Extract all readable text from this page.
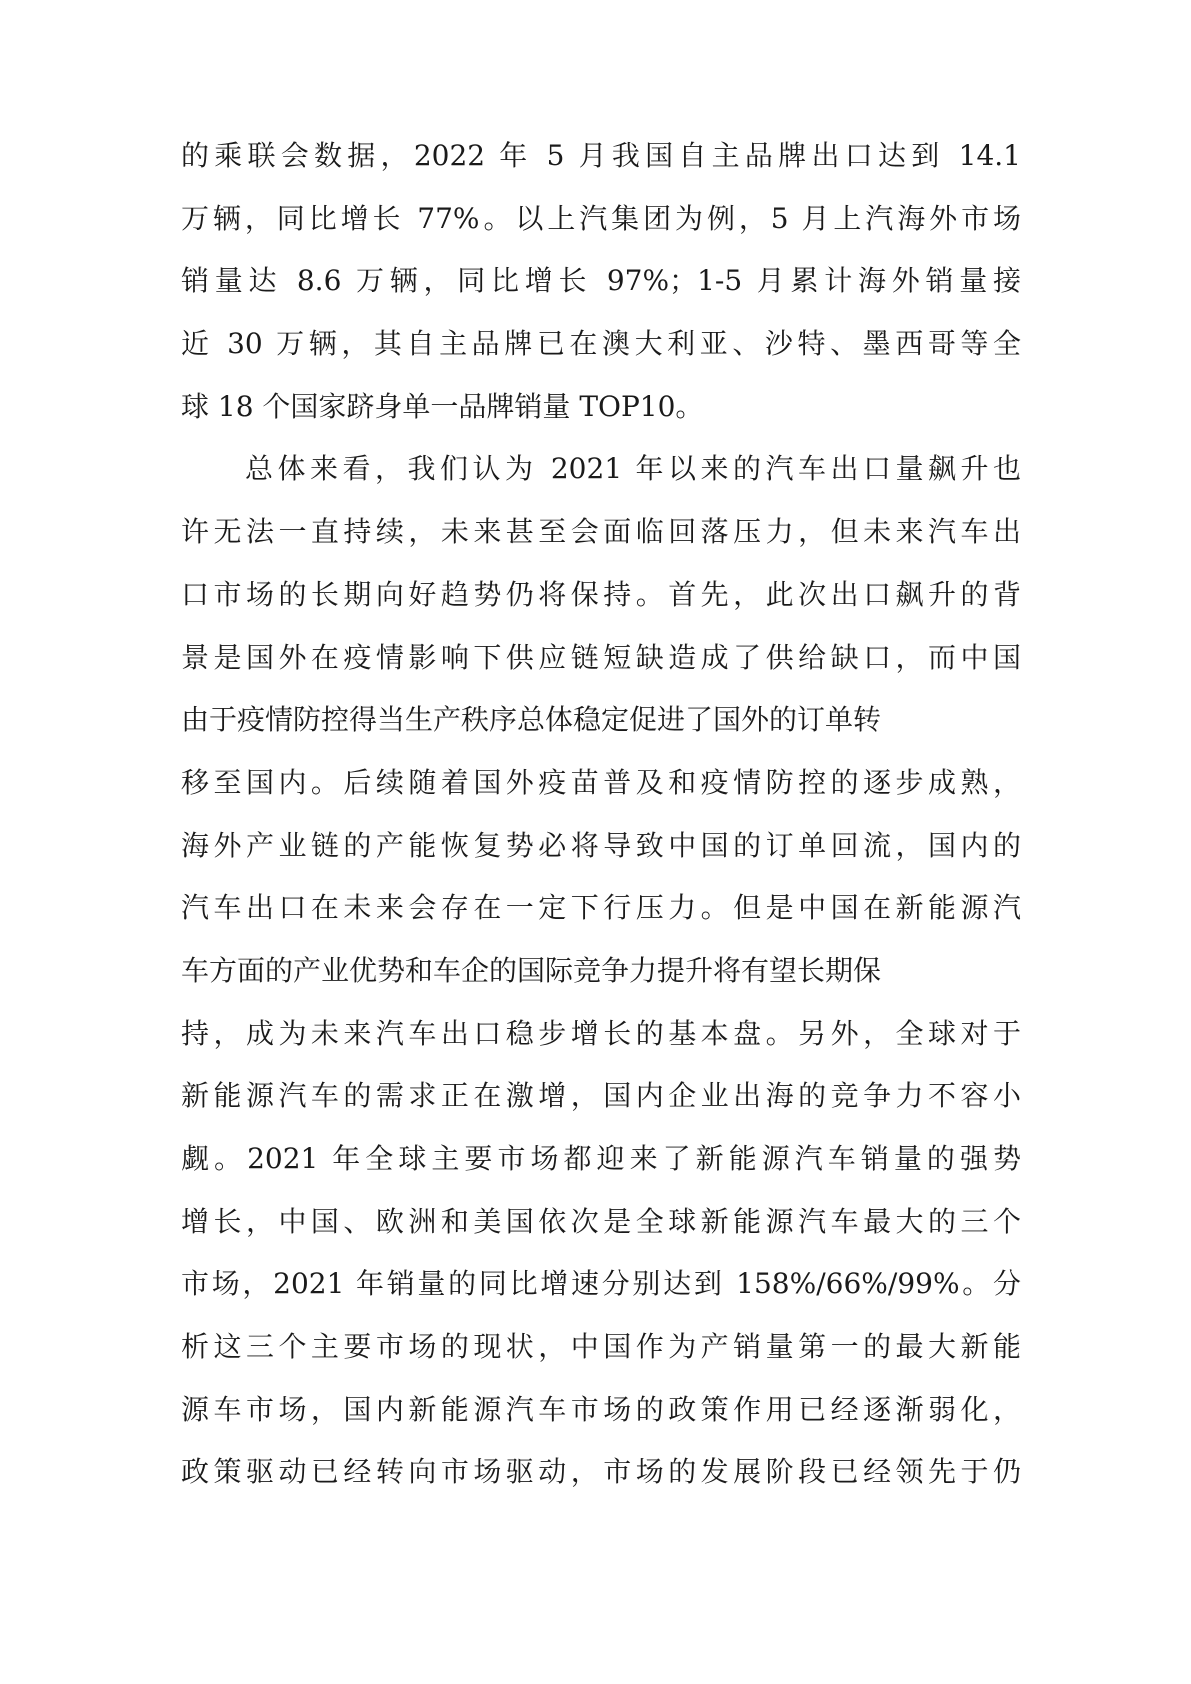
的乘联会数据，2022 年 5 月我国自主品牌出口达到 14.1
万辆，同比增长 77%。以上汽集团为例，5 月上汽海外市场
销量达 8.6 万辆，同比增长 97%；1-5 月累计海外销量接
近 30 万辆，其自主品牌已在澳大利亚、沙特、墨西哥等全
球 18 个国家跻身单一品牌销量 TOP10。
总体来看，我们认为 2021 年以来的汽车出口量飙升也
许无法一直持续，未来甚至会面临回落压力，但未来汽车出
口市场的长期向好趋势仍将保持。首先，此次出口飙升的背
景是国外在疫情影响下供应链短缺造成了供给缺口，而中国
由于疫情防控得当生产秩序总体稳定促进了国外的订单转
移至国内。后续随着国外疫苗普及和疫情防控的逐步成熟，
海外产业链的产能恢复势必将导致中国的订单回流，国内的
汽车出口在未来会存在一定下行压力。但是中国在新能源汽
车方面的产业优势和车企的国际竞争力提升将有望长期保
持，成为未来汽车出口稳步增长的基本盘。另外，全球对于
新能源汽车的需求正在激增，国内企业出海的竞争力不容小
觑。2021 年全球主要市场都迎来了新能源汽车销量的强势
增长，中国、欧洲和美国依次是全球新能源汽车最大的三个
市场，2021 年销量的同比增速分别达到 158%/66%/99%。分
析这三个主要市场的现状，中国作为产销量第一的最大新能
源车市场，国内新能源汽车市场的政策作用已经逐渐弱化，
政策驱动已经转向市场驱动，市场的发展阶段已经领先于仍
